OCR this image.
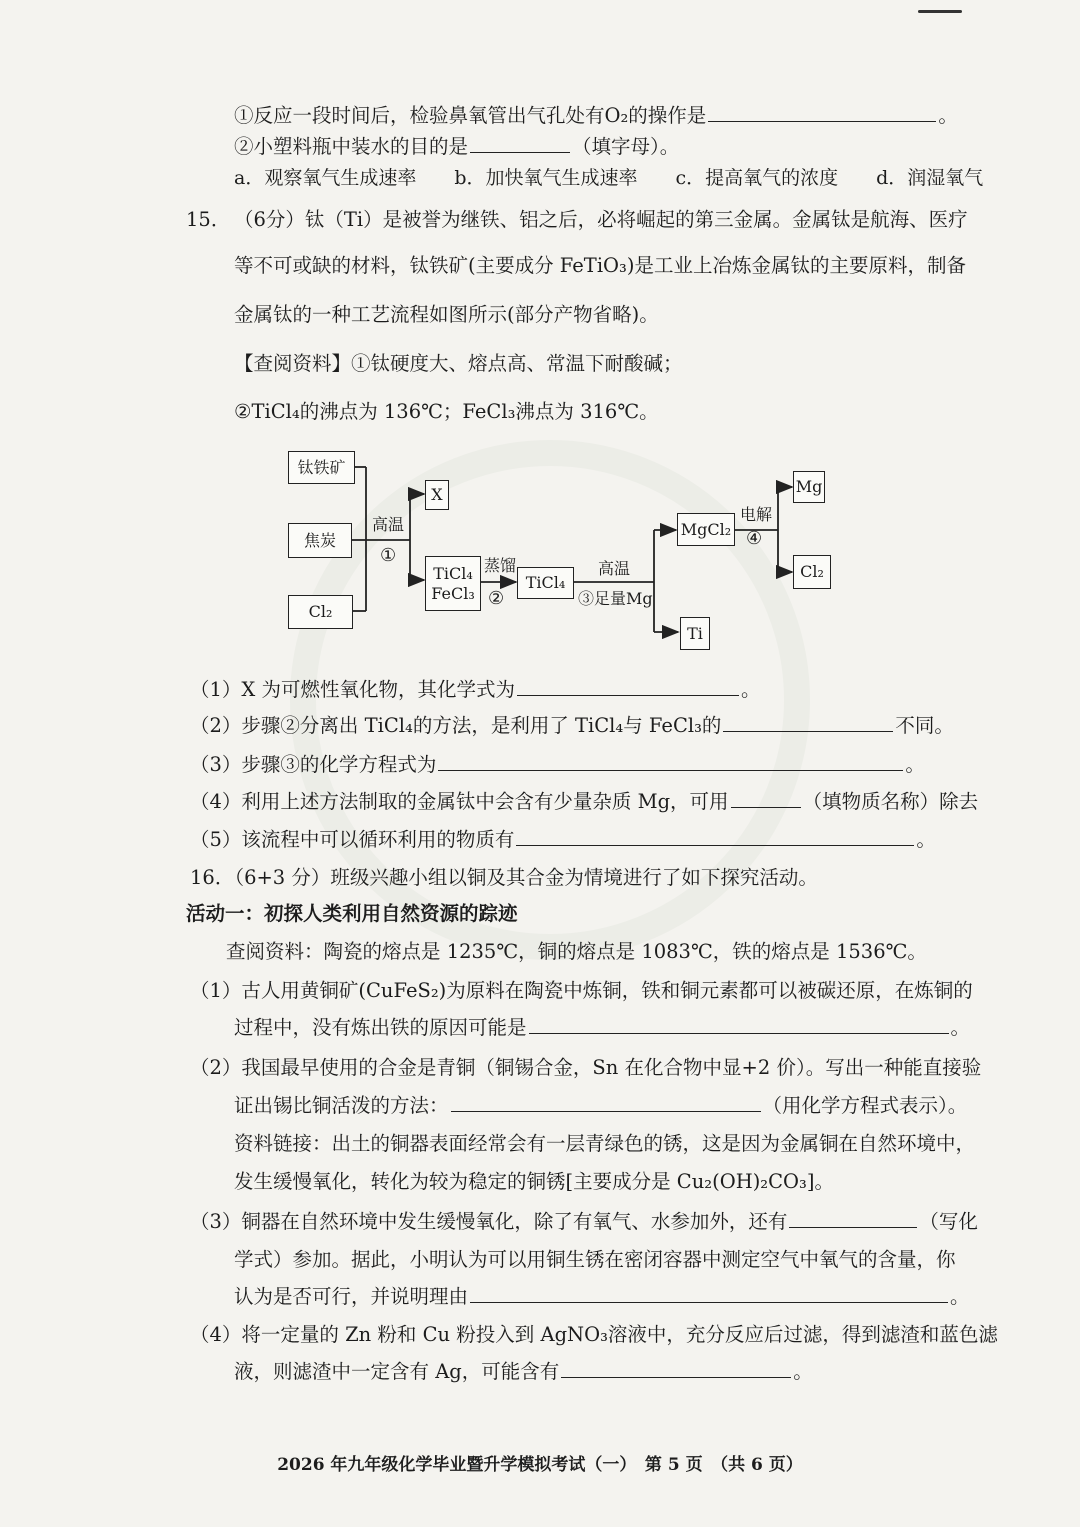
①反应一段时间后，检验鼻氧管出气孔处有O₂的操作是	。
②小塑料瓶中装水的目的是	（填字母）。
a．观察氧气生成速率　　b．加快氧气生成速率　　c．提高氧气的浓度　　d．润湿氧气
15． （6分）钛（Ti）是被誉为继铁、铝之后，必将崛起的第三金属。金属钛是航海、医疗
等不可或缺的材料，钛铁矿(主要成分 FeTiO₃)是工业上冶炼金属钛的主要原料，制备
金属钛的一种工艺流程如图所示(部分产物省略)。
【查阅资料】①钛硬度大、熔点高、常温下耐酸碱；
②TiCl₄的沸点为 136℃；FeCl₃沸点为 316℃。
钛铁矿
焦炭
Cl₂
X
TiCl₄
FeCl₃
TiCl₄
MgCl₂
Ti
Mg
Cl₂
高温
①	蒸馏
②
高温
③足量Mg
电解
④
（1）X 为可燃性氧化物，其化学式为	。
（2）步骤②分离出 TiCl₄的方法，是利用了 TiCl₄与 FeCl₃的	不同。
（3）步骤③的化学方程式为	。
（4）利用上述方法制取的金属钛中会含有少量杂质 Mg，可用	（填物质名称）除去
（5）该流程中可以循环利用的物质有	。
16．（6+3 分）班级兴趣小组以铜及其合金为情境进行了如下探究活动。
活动一：初探人类利用自然资源的踪迹
查阅资料：陶瓷的熔点是 1235℃，铜的熔点是 1083℃，铁的熔点是 1536℃。
（1）古人用黄铜矿(CuFeS₂)为原料在陶瓷中炼铜，铁和铜元素都可以被碳还原，在炼铜的
过程中，没有炼出铁的原因可能是	。
（2）我国最早使用的合金是青铜（铜锡合金，Sn 在化合物中显+2 价）。写出一种能直接验
证出锡比铜活泼的方法：	（用化学方程式表示）。
资料链接：出土的铜器表面经常会有一层青绿色的锈，这是因为金属铜在自然环境中，
发生缓慢氧化，转化为较为稳定的铜锈[主要成分是 Cu₂(OH)₂CO₃]。
（3）铜器在自然环境中发生缓慢氧化，除了有氧气、水参加外，还有	（写化
学式）参加。据此，小明认为可以用铜生锈在密闭容器中测定空气中氧气的含量，你
认为是否可行，并说明理由	。
（4）将一定量的 Zn 粉和 Cu 粉投入到 AgNO₃溶液中，充分反应后过滤，得到滤渣和蓝色滤
液，则滤渣中一定含有 Ag，可能含有	。
2026 年九年级化学毕业暨升学模拟考试（一）　第 5 页　（共 6 页）
